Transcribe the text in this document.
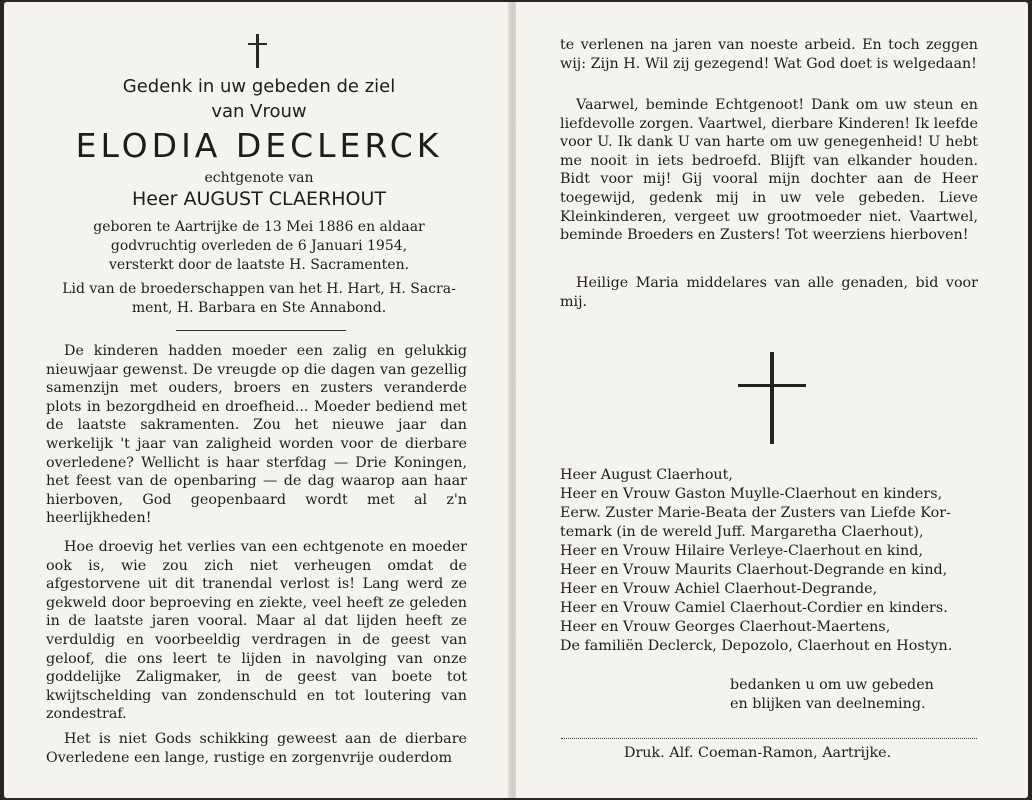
Gedenk in uw gebeden de ziel
van Vrouw
ELODIA DECLERCK
echtgenote van
Heer AUGUST CLAERHOUT
geboren te Aartrijke de 13 Mei 1886 en aldaar
godvruchtig overleden de 6 Januari 1954,
versterkt door de laatste H. Sacramenten.
Lid van de broederschappen van het H. Hart, H. Sacra-
ment, H. Barbara en Ste Annabond.
De kinderen hadden moeder een zalig en gelukkig nieuwjaar gewenst. De vreugde op die dagen van gezellig samenzijn met ouders, broers en zusters veranderde plots in bezorgdheid en droefheid... Moeder bediend met de laatste sakramenten. Zou het nieuwe jaar dan werkelijk 't jaar van zaligheid worden voor de dierbare overledene? Wellicht is haar sterfdag — Drie Koningen, het feest van de openbaring — de dag waarop aan haar hierboven, God geopenbaard wordt met al z'n heerlijkheden!
Hoe droevig het verlies van een echtgenote en moeder ook is, wie zou zich niet verheugen omdat de afgestorvene uit dit tranendal verlost is! Lang werd ze gekweld door beproeving en ziekte, veel heeft ze geleden in de laatste jaren vooral. Maar al dat lijden heeft ze verduldig en voorbeeldig verdragen in de geest van geloof, die ons leert te lijden in navolging van onze goddelijke Zaligmaker, in de geest van boete tot kwijtschelding van zondenschuld en tot loutering van zondestraf.
Het is niet Gods schikking geweest aan de dierbare Overledene een lange, rustige en zorgenvrije ouderdom
te verlenen na jaren van noeste arbeid. En toch zeggen wij: Zijn H. Wil zij gezegend! Wat God doet is welgedaan!
Vaarwel, beminde Echtgenoot! Dank om uw steun en liefdevolle zorgen. Vaartwel, dierbare Kinderen! Ik leefde voor U. Ik dank U van harte om uw genegenheid! U hebt me nooit in iets bedroefd. Blijft van elkander houden. Bidt voor mij! Gij vooral mijn dochter aan de Heer toegewijd, gedenk mij in uw vele gebeden. Lieve Kleinkinderen, vergeet uw grootmoeder niet. Vaartwel, beminde Broeders en Zusters! Tot weerziens hierboven!
Heilige Maria middelares van alle genaden, bid voor mij.
Heer August Claerhout,
Heer en Vrouw Gaston Muylle-Claerhout en kinders,
Eerw. Zuster Marie-Beata der Zusters van Liefde Kor-
temark (in de wereld Juff. Margaretha Claerhout),
Heer en Vrouw Hilaire Verleye-Claerhout en kind,
Heer en Vrouw Maurits Claerhout-Degrande en kind,
Heer en Vrouw Achiel Claerhout-Degrande,
Heer en Vrouw Camiel Claerhout-Cordier en kinders.
Heer en Vrouw Georges Claerhout-Maertens,
De familiën Declerck, Depozolo, Claerhout en Hostyn.
bedanken u om uw gebeden
en blijken van deelneming.
Druk. Alf. Coeman-Ramon, Aartrijke.
